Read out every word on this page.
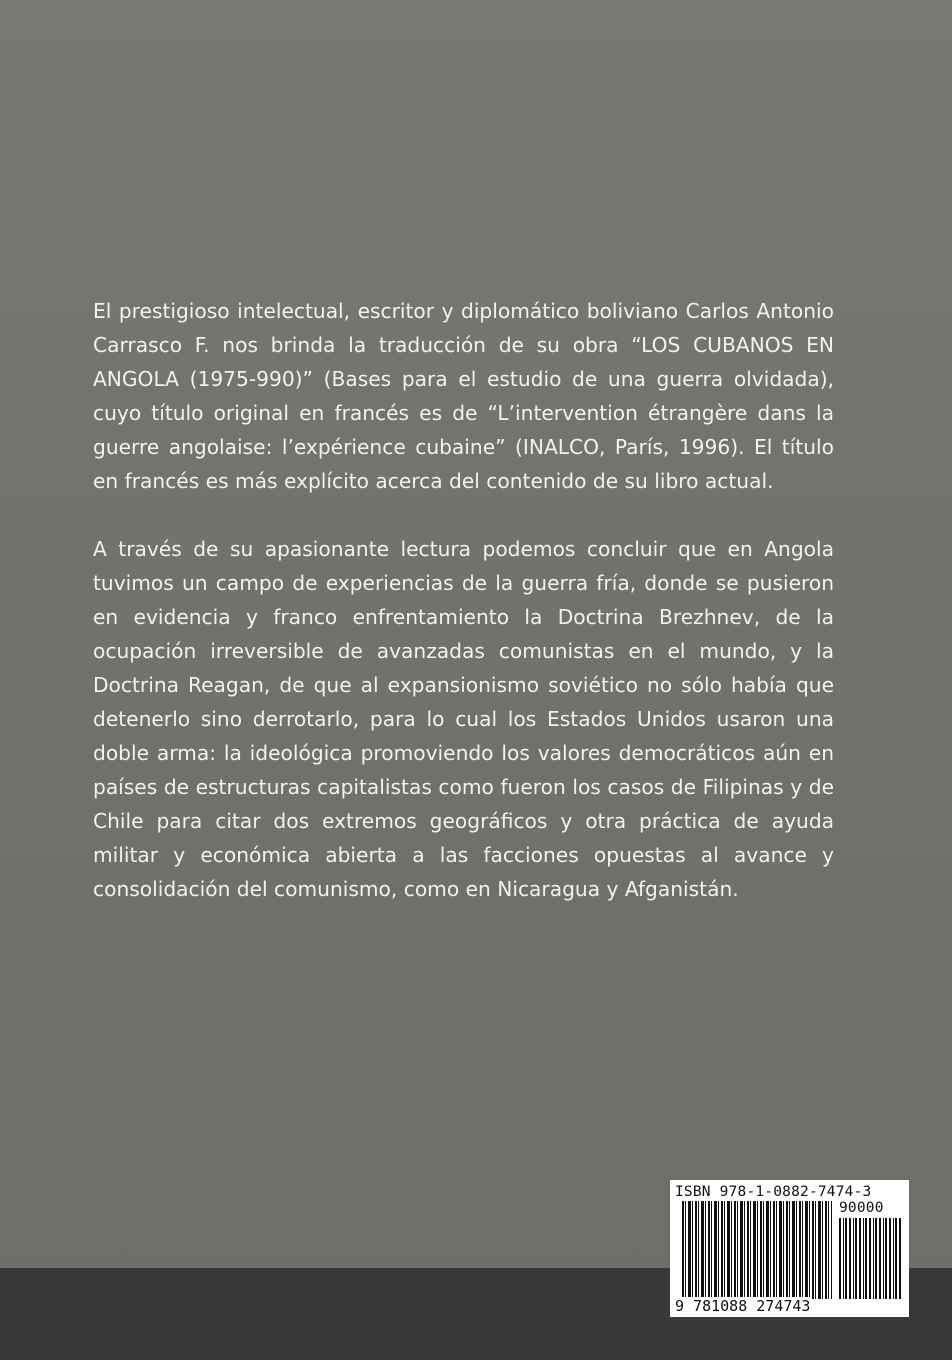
El prestigioso intelectual, escritor y diplomático boliviano Carlos Antonio Carrasco F. nos brinda la traducción de su obra “LOS CUBANOS EN ANGOLA (1975-990)” (Bases para el estudio de una guerra olvidada), cuyo título original en francés es de “L’intervention étrangère dans la guerre angolaise: l’expérience cubaine” (INALCO, París, 1996). El título en francés es más explícito acerca del contenido de su libro actual.

A través de su apasionante lectura podemos concluir que en Angola tuvimos un campo de experiencias de la guerra fría, donde se pusieron en evidencia y franco enfrentamiento la Doctrina Brezhnev, de la ocupación irreversible de avanzadas comunistas en el mundo, y la Doctrina Reagan, de que al expansionismo soviético no sólo había que detenerlo sino derrotarlo, para lo cual los Estados Unidos usaron una doble arma: la ideológica promoviendo los valores democráticos aún en países de estructuras capitalistas como fueron los casos de Filipinas y de Chile para citar dos extremos geográficos y otra práctica de ayuda militar y económica abierta a las facciones opuestas al avance y consolidación del comunismo, como en Nicaragua y Afganistán.

ISBN 978-1-0882-7474-3
90000
9 781088 274743
